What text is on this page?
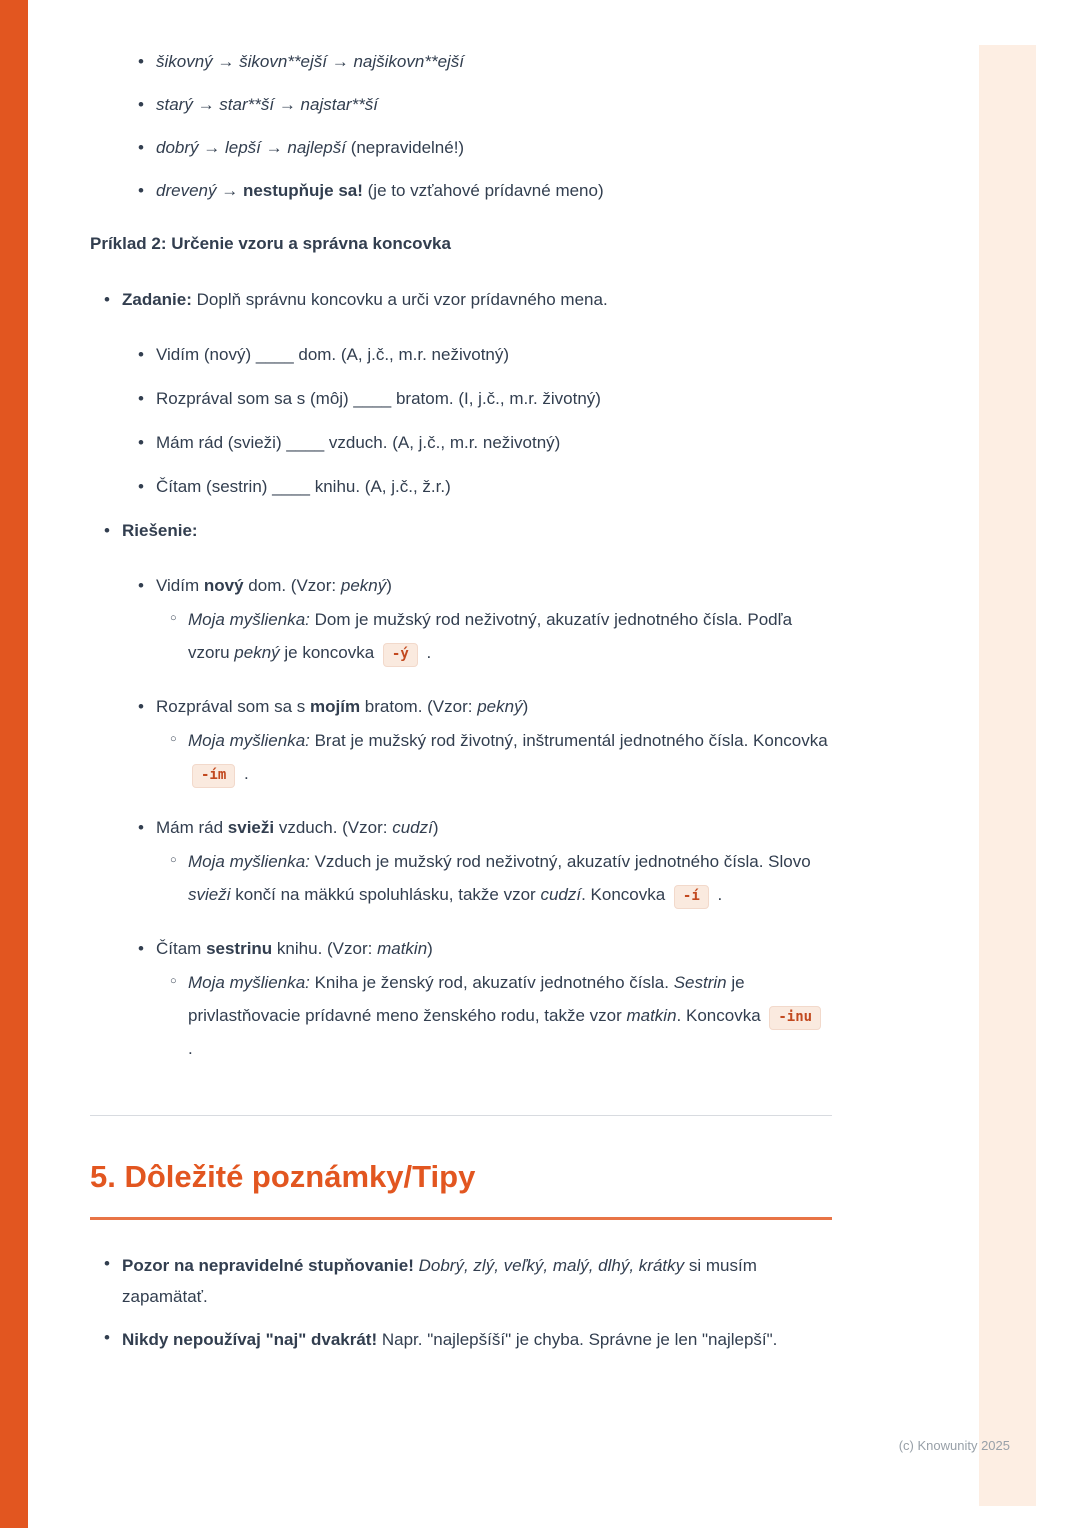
•
šikovný → šikovn**ejší → najšikovn**ejší
•
starý → star**ší → najstar**ší
•
dobrý → lepší → najlepší (nepravidelné!)
•
drevený → nestupňuje sa! (je to vzťahové prídavné meno)

Príklad 2: Určenie vzoru a správna koncovka

•
Zadanie: Doplň správnu koncovku a urči vzor prídavného mena.
•
Vidím (nový) ____ dom. (A, j.č., m.r. neživotný)
•
Rozprával som sa s (môj) ____ bratom. (I, j.č., m.r. životný)
•
Mám rád (svieži) ____ vzduch. (A, j.č., m.r. neživotný)
•
Čítam (sestrin) ____ knihu. (A, j.č., ž.r.)
•
Riešenie:
•
Vidím nový dom. (Vzor: pekný)
○
Moja myšlienka: Dom je mužský rod neživotný, akuzatív jednotného čísla. Podľa vzoru pekný je koncovka -ý .
•
Rozprával som sa s mojím bratom. (Vzor: pekný)
○
Moja myšlienka: Brat je mužský rod životný, inštrumentál jednotného čísla. Koncovka -ím .
•
Mám rád svieži vzduch. (Vzor: cudzí)
○
Moja myšlienka: Vzduch je mužský rod neživotný, akuzatív jednotného čísla. Slovo svieži končí na mäkkú spoluhlásku, takže vzor cudzí. Koncovka -í .
•
Čítam sestrinu knihu. (Vzor: matkin)
○
Moja myšlienka: Kniha je ženský rod, akuzatív jednotného čísla. Sestrin je privlastňovacie prídavné meno ženského rodu, takže vzor matkin. Koncovka -inu .
5. Dôležité poznámky/Tipy
•
Pozor na nepravidelné stupňovanie! Dobrý, zlý, veľký, malý, dlhý, krátky si musím zapamätať.
•
Nikdy nepoužívaj "naj" dvakrát! Napr. "najlepšíší" je chyba. Správne je len "najlepší".
(c) Knowunity 2025
